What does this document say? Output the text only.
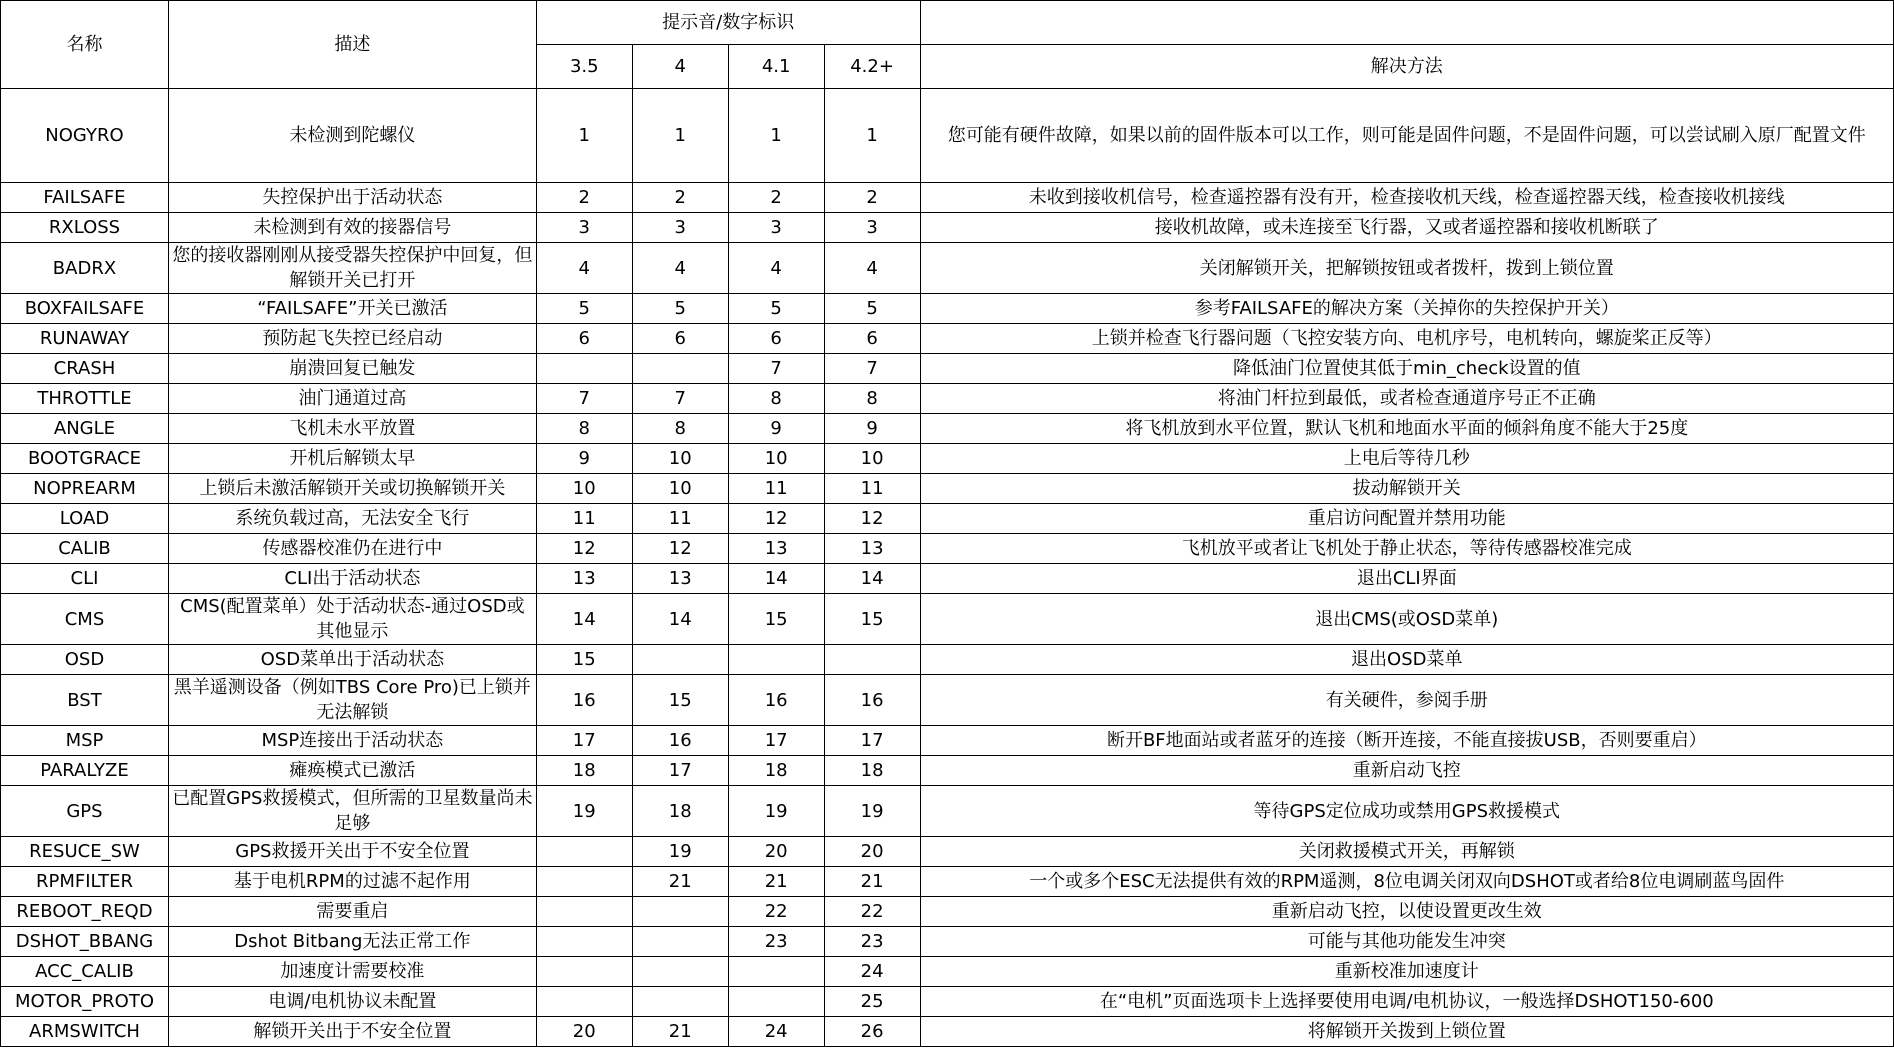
名称	描述	提示音/数字标识				
		3.5	4	4.1	4.2+	解决方法
NOGYRO	未检测到陀螺仪	1	1	1	1	您可能有硬件故障，如果以前的固件版本可以工作，则可能是固件问题，不是固件问题，可以尝试刷入原厂配置文件
FAILSAFE	失控保护出于活动状态	2	2	2	2	未收到接收机信号，检查遥控器有没有开，检查接收机天线，检查遥控器天线，检查接收机接线
RXLOSS	未检测到有效的接器信号	3	3	3	3	接收机故障，或未连接至飞行器，又或者遥控器和接收机断联了
BADRX	您的接收器刚刚从接受器失控保护中回复，但解锁开关已打开	4	4	4	4	关闭解锁开关，把解锁按钮或者拨杆，拨到上锁位置
BOXFAILSAFE	“FAILSAFE”开关已激活	5	5	5	5	参考FAILSAFE的解决方案（关掉你的失控保护开关）
RUNAWAY	预防起飞失控已经启动	6	6	6	6	上锁并检查飞行器问题（飞控安装方向、电机序号，电机转向，螺旋桨正反等）
CRASH	崩溃回复已触发			7	7	降低油门位置使其低于min_check设置的值
THROTTLE	油门通道过高	7	7	8	8	将油门杆拉到最低，或者检查通道序号正不正确
ANGLE	飞机未水平放置	8	8	9	9	将飞机放到水平位置，默认飞机和地面水平面的倾斜角度不能大于25度
BOOTGRACE	开机后解锁太早	9	10	10	10	上电后等待几秒
NOPREARM	上锁后未激活解锁开关或切换解锁开关	10	10	11	11	拔动解锁开关
LOAD	系统负载过高，无法安全飞行	11	11	12	12	重启访问配置并禁用功能
CALIB	传感器校准仍在进行中	12	12	13	13	飞机放平或者让飞机处于静止状态，等待传感器校准完成
CLI	CLI出于活动状态	13	13	14	14	退出CLI界面
CMS	CMS(配置菜单）处于活动状态-通过OSD或其他显示	14	14	15	15	退出CMS(或OSD菜单)
OSD	OSD菜单出于活动状态	15				退出OSD菜单
BST	黑羊遥测设备（例如TBS Core Pro)已上锁并无法解锁	16	15	16	16	有关硬件，参阅手册
MSP	MSP连接出于活动状态	17	16	17	17	断开BF地面站或者蓝牙的连接（断开连接，不能直接拔USB，否则要重启）
PARALYZE	瘫痪模式已激活	18	17	18	18	重新启动飞控
GPS	已配置GPS救援模式，但所需的卫星数量尚未足够	19	18	19	19	等待GPS定位成功或禁用GPS救援模式
RESUCE_SW	GPS救援开关出于不安全位置		19	20	20	关闭救援模式开关，再解锁
RPMFILTER	基于电机RPM的过滤不起作用		21	21	21	一个或多个ESC无法提供有效的RPM遥测，8位电调关闭双向DSHOT或者给8位电调刷蓝鸟固件
REBOOT_REQD	需要重启			22	22	重新启动飞控，以使设置更改生效
DSHOT_BBANG	Dshot Bitbang无法正常工作			23	23	可能与其他功能发生冲突
ACC_CALIB	加速度计需要校准				24	重新校准加速度计
MOTOR_PROTO	电调/电机协议未配置				25	在“电机”页面选项卡上选择要使用电调/电机协议，一般选择DSHOT150-600
ARMSWITCH	解锁开关出于不安全位置	20	21	24	26	将解锁开关拨到上锁位置
